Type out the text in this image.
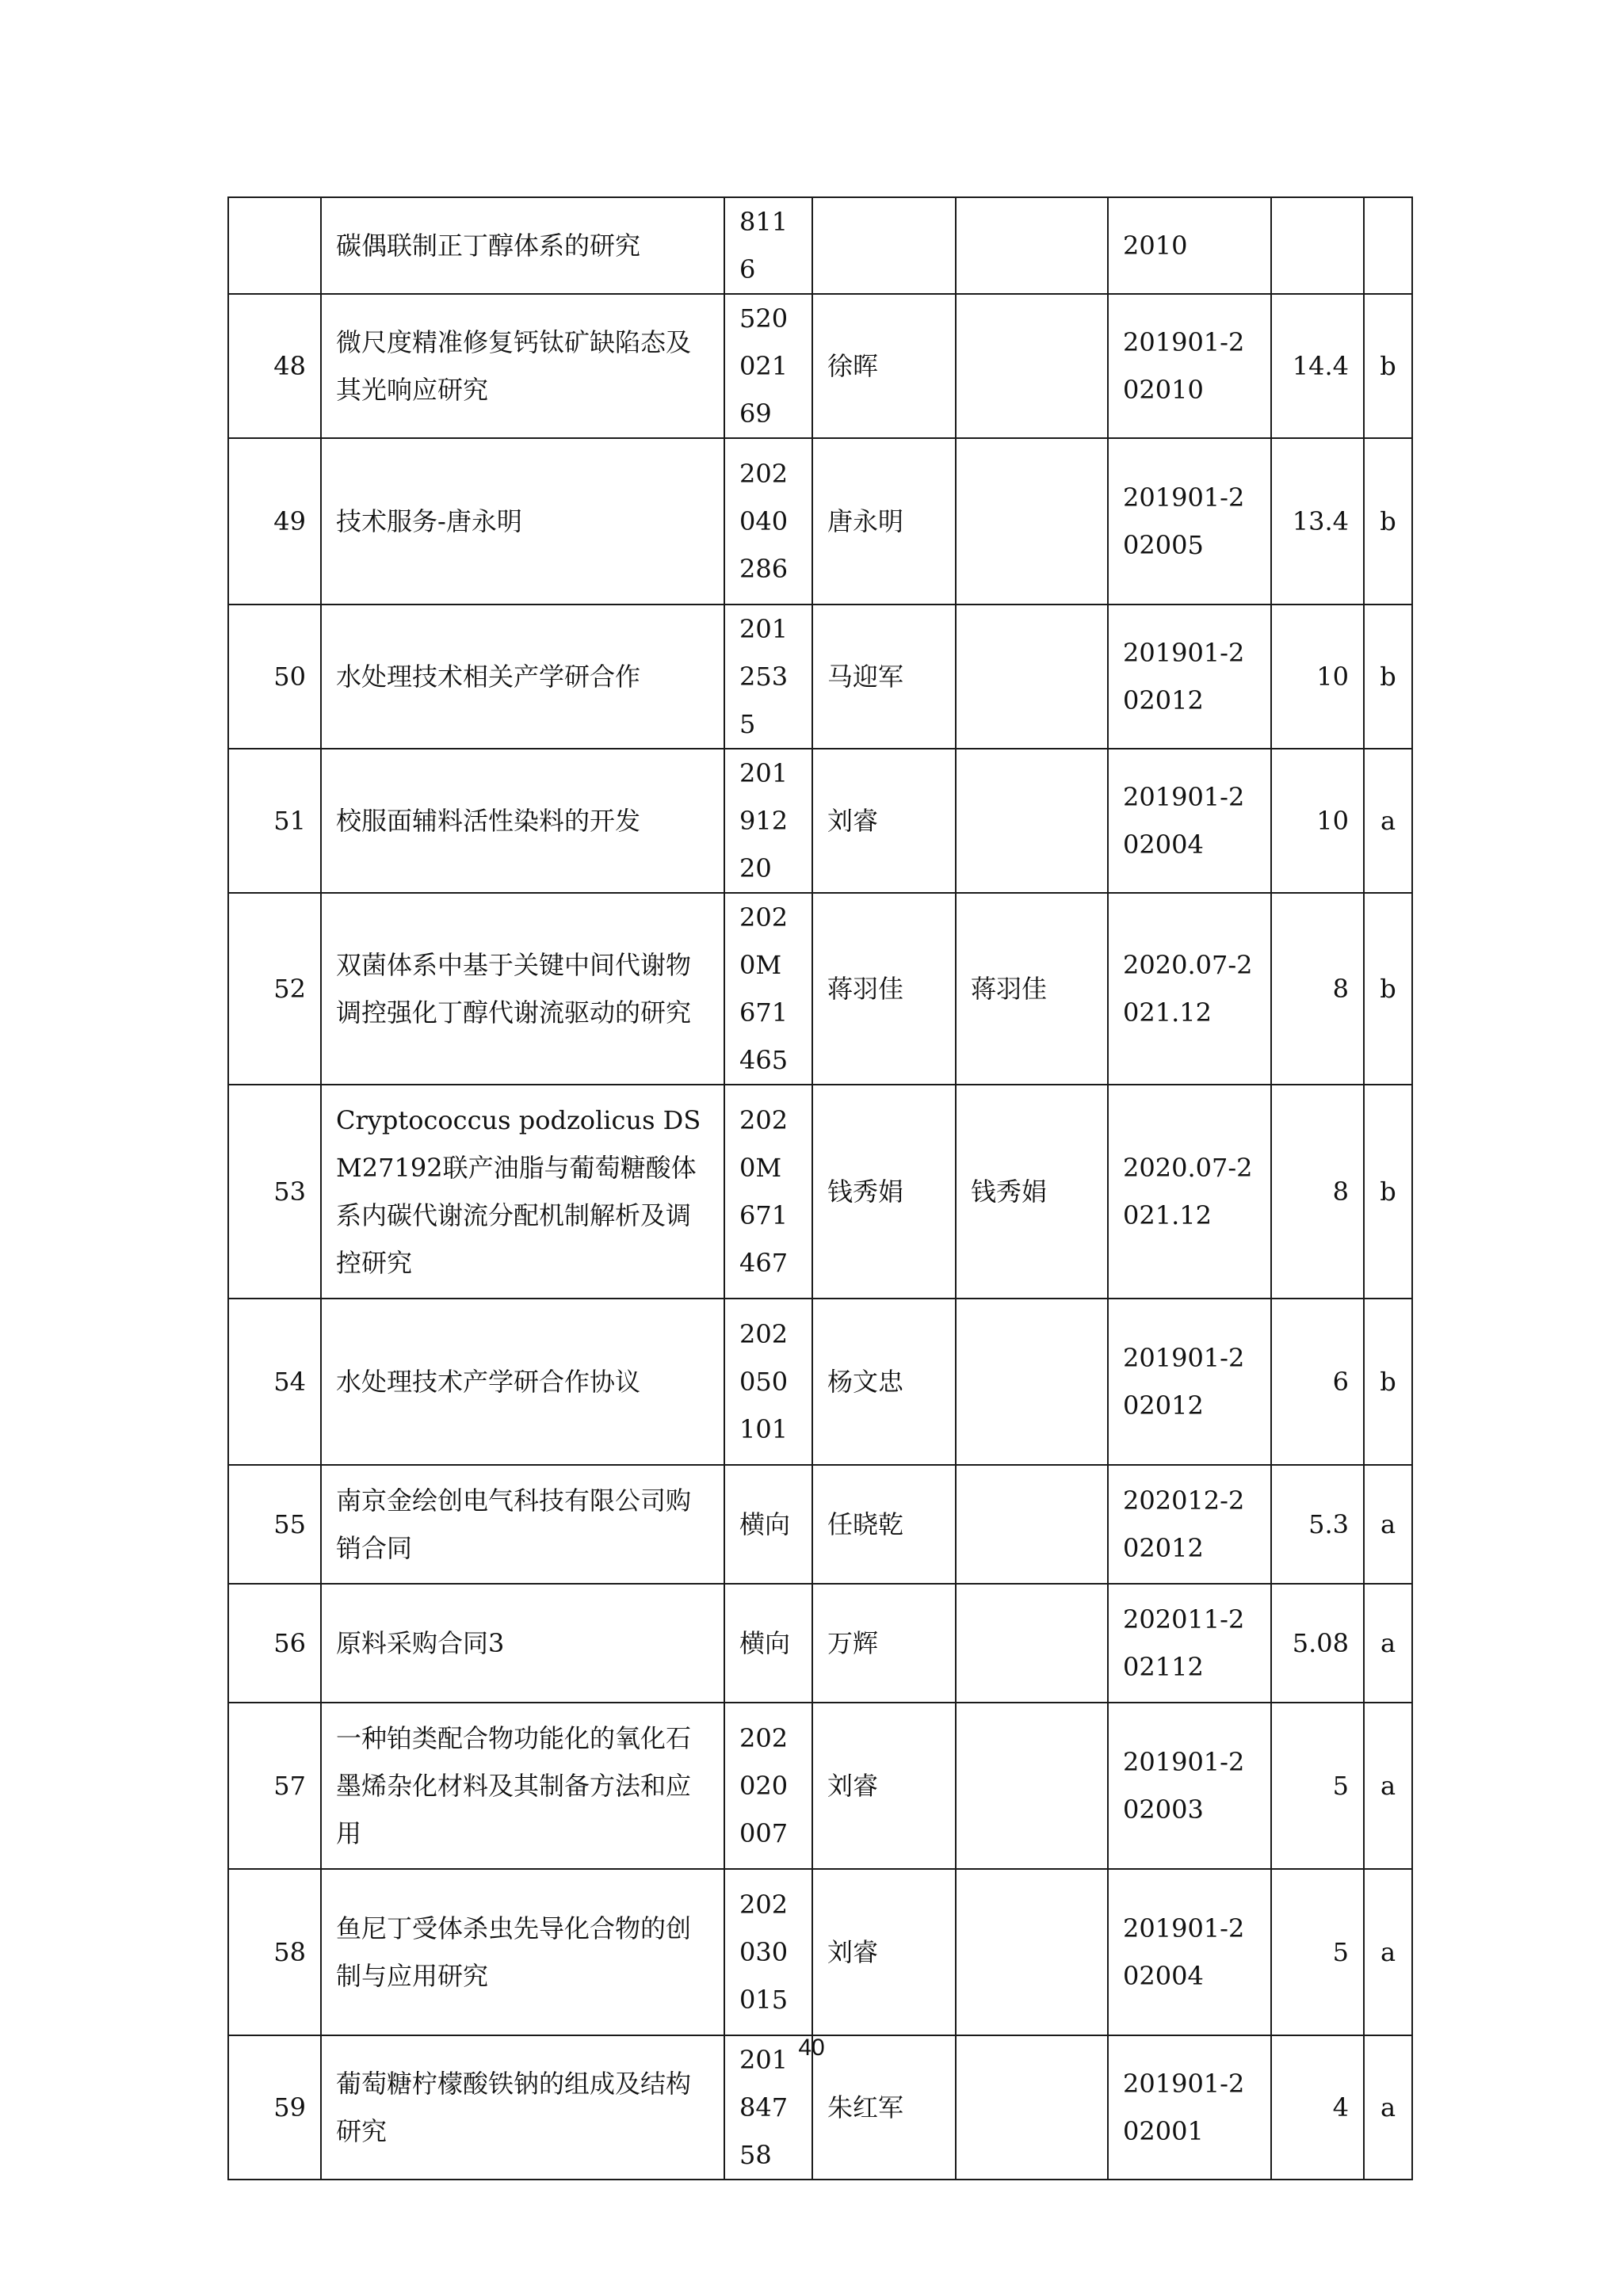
	碳偶联制正丁醇体系的研究	8116			2010		
48	微尺度精准修复钙钛矿缺陷态及其光响应研究	52002169	徐晖		201901-202010	14.4	b
49	技术服务-唐永明	202040286	唐永明		201901-202005	13.4	b
50	水处理技术相关产学研合作	2012535	马迎军		201901-202012	10	b
51	校服面辅料活性染料的开发	20191220	刘睿		201901-202004	10	a
52	双菌体系中基于关键中间代谢物调控强化丁醇代谢流驱动的研究	2020M671465	蒋羽佳	蒋羽佳	2020.07-2021.12	8	b
53	Cryptococcus podzolicus DSM27192联产油脂与葡萄糖酸体系内碳代谢流分配机制解析及调控研究	2020M671467	钱秀娟	钱秀娟	2020.07-2021.12	8	b
54	水处理技术产学研合作协议	202050101	杨文忠		201901-202012	6	b
55	南京金绘创电气科技有限公司购销合同	横向	任晓乾		202012-202012	5.3	a
56	原料采购合同3	横向	万辉		202011-202112	5.08	a
57	一种铂类配合物功能化的氧化石墨烯杂化材料及其制备方法和应用	202020007	刘睿		201901-202003	5	a
58	鱼尼丁受体杀虫先导化合物的创制与应用研究	202030015	刘睿		201901-202004	5	a
59	葡萄糖柠檬酸铁钠的组成及结构研究	20184758	朱红军		201901-202001	4	a
40
